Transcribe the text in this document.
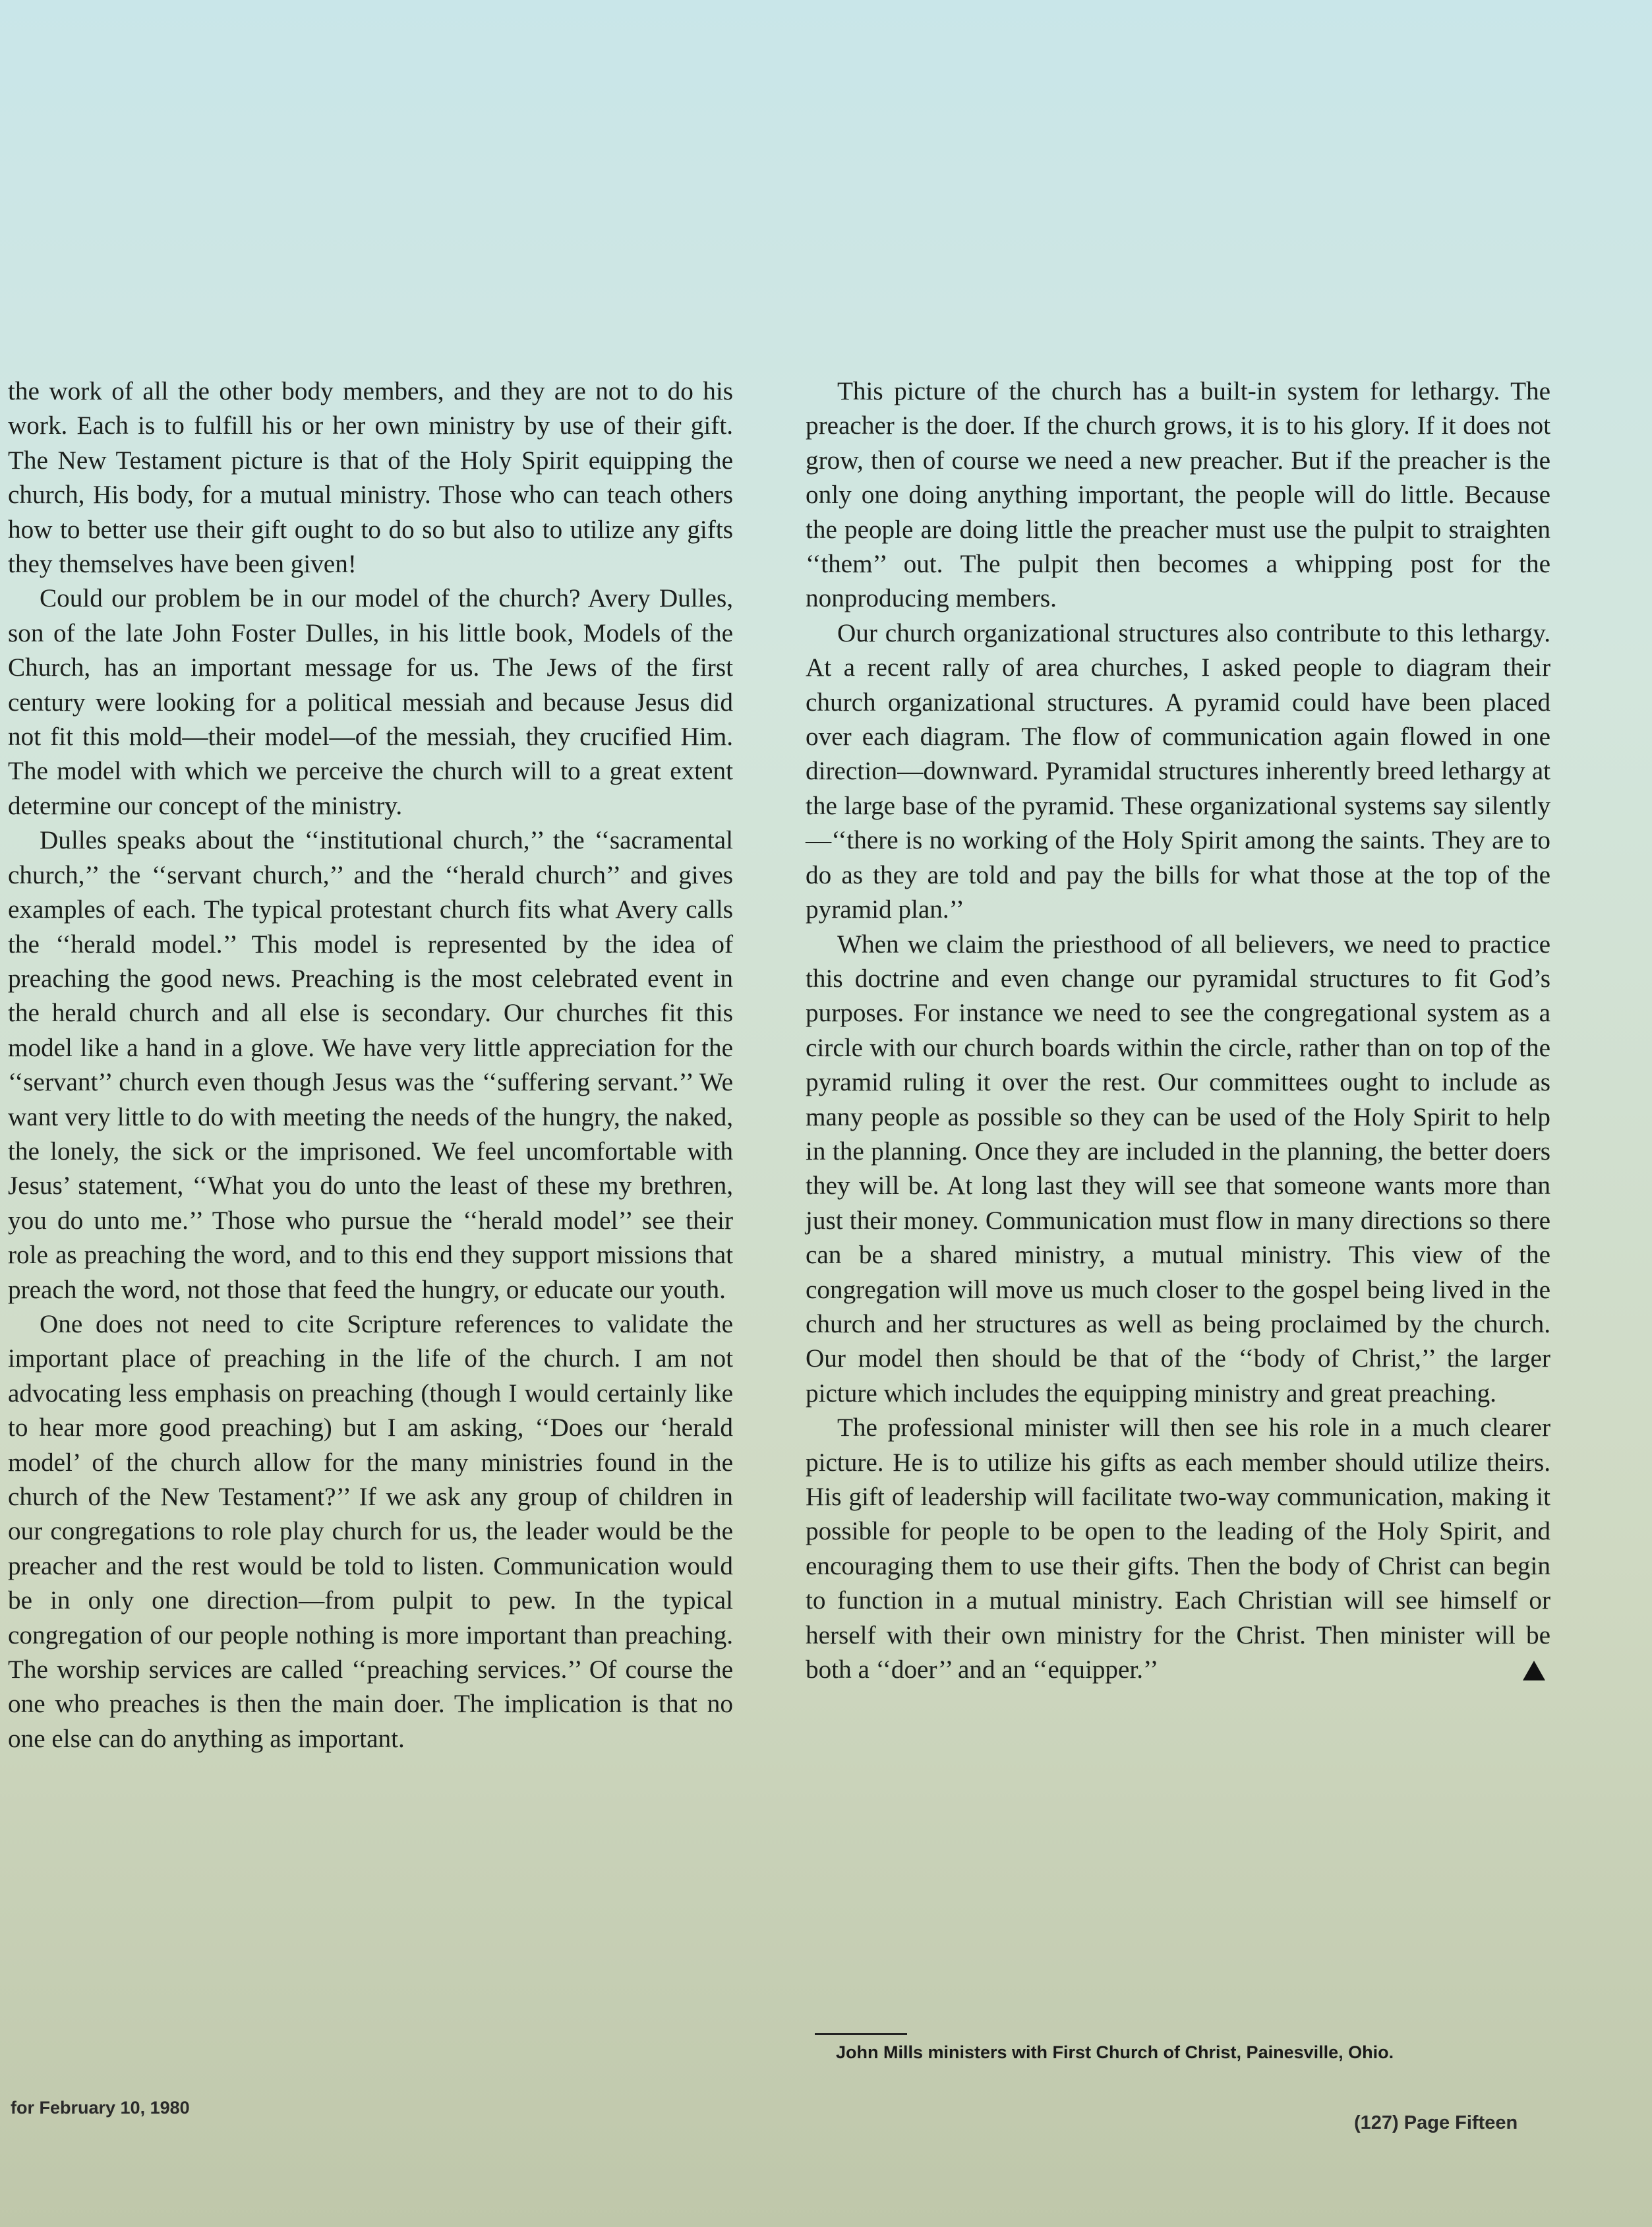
the work of all the other body members, and they are not to do his work. Each is to fulfill his or her own ministry by use of their gift. The New Testament picture is that of the Holy Spirit equipping the church, His body, for a mutual ministry. Those who can teach others how to better use their gift ought to do so but also to utilize any gifts they themselves have been given!

Could our problem be in our model of the church? Avery Dulles, son of the late John Foster Dulles, in his little book, Models of the Church, has an important message for us. The Jews of the first century were looking for a political messiah and because Jesus did not fit this mold—their model—of the messiah, they crucified Him. The model with which we perceive the church will to a great extent determine our concept of the ministry.

Dulles speaks about the ‘‘institutional church,’’ the ‘‘sacramental church,’’ the ‘‘servant church,’’ and the ‘‘herald church’’ and gives examples of each. The typical protestant church fits what Avery calls the ‘‘herald model.’’ This model is represented by the idea of preaching the good news. Preaching is the most celebrated event in the herald church and all else is secondary. Our churches fit this model like a hand in a glove. We have very little appreciation for the ‘‘servant’’ church even though Jesus was the ‘‘suffering servant.’’ We want very little to do with meeting the needs of the hungry, the naked, the lonely, the sick or the imprisoned. We feel uncomfortable with Jesus’ statement, ‘‘What you do unto the least of these my brethren, you do unto me.’’ Those who pursue the ‘‘herald model’’ see their role as preaching the word, and to this end they support missions that preach the word, not those that feed the hungry, or educate our youth.

One does not need to cite Scripture references to validate the important place of preaching in the life of the church. I am not advocating less emphasis on preaching (though I would certainly like to hear more good preaching) but I am asking, ‘‘Does our ‘herald model’ of the church allow for the many ministries found in the church of the New Testament?’’ If we ask any group of children in our congregations to role play church for us, the leader would be the preacher and the rest would be told to listen. Communication would be in only one direction—from pulpit to pew. In the typical congregation of our people nothing is more important than preaching. The worship services are called ‘‘preaching services.’’ Of course the one who preaches is then the main doer. The implication is that no one else can do anything as important.

This picture of the church has a built-in system for lethargy. The preacher is the doer. If the church grows, it is to his glory. If it does not grow, then of course we need a new preacher. But if the preacher is the only one doing anything important, the people will do little. Because the people are doing little the preacher must use the pulpit to straighten ‘‘them’’ out. The pulpit then becomes a whipping post for the nonproducing members.

Our church organizational structures also contribute to this lethargy. At a recent rally of area churches, I asked people to diagram their church organizational structures. A pyramid could have been placed over each diagram. The flow of communication again flowed in one direction—downward. Pyramidal structures inherently breed lethargy at the large base of the pyramid. These organizational systems say silently—‘‘there is no working of the Holy Spirit among the saints. They are to do as they are told and pay the bills for what those at the top of the pyramid plan.’’

When we claim the priesthood of all believers, we need to practice this doctrine and even change our pyramidal structures to fit God’s purposes. For instance we need to see the congregational system as a circle with our church boards within the circle, rather than on top of the pyramid ruling it over the rest. Our committees ought to include as many people as possible so they can be used of the Holy Spirit to help in the planning. Once they are included in the planning, the better doers they will be. At long last they will see that someone wants more than just their money. Communication must flow in many directions so there can be a shared ministry, a mutual ministry. This view of the congregation will move us much closer to the gospel being lived in the church and her structures as well as being proclaimed by the church. Our model then should be that of the ‘‘body of Christ,’’ the larger picture which includes the equipping ministry and great preaching.

The professional minister will then see his role in a much clearer picture. He is to utilize his gifts as each member should utilize theirs. His gift of leadership will facilitate two-way communication, making it possible for people to be open to the leading of the Holy Spirit, and encouraging them to use their gifts. Then the body of Christ can begin to function in a mutual ministry. Each Christian will see himself or herself with their own ministry for the Christ. Then minister will be both a ‘‘doer’’ and an ‘‘equipper.’’

John Mills ministers with First Church of Christ, Painesville, Ohio.
for February 10, 1980
(127) Page Fifteen
